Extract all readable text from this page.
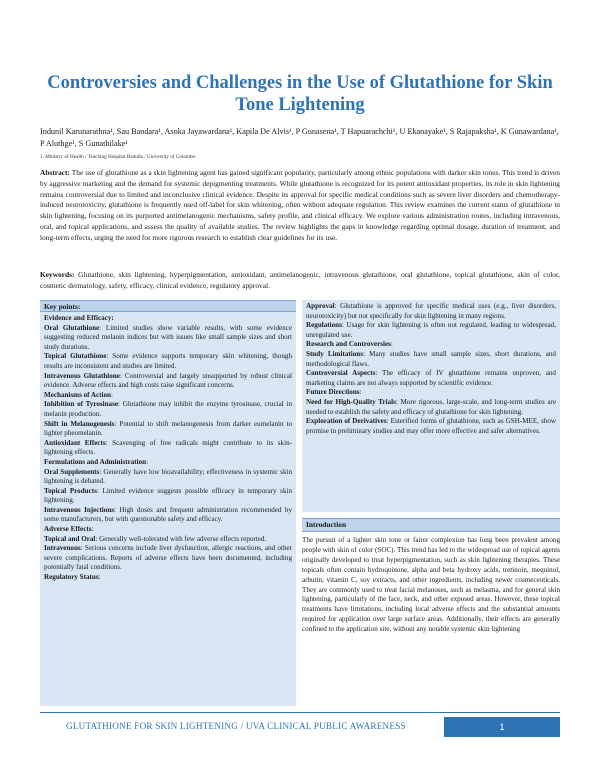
Controversies and Challenges in the Use of Glutathione for Skin Tone Lightening
Indunil Karunarathna¹, Sau Bandara¹, Asoka Jayawardana¹, Kapila De Alvis¹, P Gunasena¹, T Hapuarachchi¹, U Ekanayake¹, S Rajapaksha¹, K Gunawardana¹, P Aluthge¹, S Gunathilake¹
1. Ministry of Health / Teaching Hospital Badulla / University of Colombo.
Abstract: The use of glutathione as a skin lightening agent has gained significant popularity, particularly among ethnic populations with darker skin tones. This trend is driven by aggressive marketing and the demand for systemic depigmenting treatments. While glutathione is recognized for its potent antioxidant properties, its role in skin lightening remains controversial due to limited and inconclusive clinical evidence. Despite its approval for specific medical conditions such as severe liver disorders and chemotherapy-induced neurotoxicity, glutathione is frequently used off-label for skin whitening, often without adequate regulation. This review examines the current status of glutathione in skin lightening, focusing on its purported antimelanogenic mechanisms, safety profile, and clinical efficacy. We explore various administration routes, including intravenous, oral, and topical applications, and assess the quality of available studies. The review highlights the gaps in knowledge regarding optimal dosage, duration of treatment, and long-term effects, urging the need for more rigorous research to establish clear guidelines for its use.
Keywords: Glutathione, skin lightening, hyperpigmentation, antioxidant, antimelanogenic, intravenous glutathione, oral glutathione, topical glutathione, skin of color, cosmetic dermatology, safety, efficacy, clinical evidence, regulatory approval.
Key points:

Evidence and Efficacy:

Oral Glutathione: Limited studies show variable results, with some evidence suggesting reduced melanin indices but with issues like small sample sizes and short study durations.

Topical Glutathione: Some evidence supports temporary skin whitening, though results are inconsistent and studies are limited.

Intravenous Glutathione: Controversial and largely unsupported by robust clinical evidence. Adverse effects and high costs raise significant concerns.

Mechanisms of Action:

Inhibition of Tyrosinase: Glutathione may inhibit the enzyme tyrosinase, crucial in melanin production.

Shift in Melanogenesis: Potential to shift melanogenesis from darker eumelanin to lighter pheomelanin.

Antioxidant Effects: Scavenging of free radicals might contribute to its skin-lightening effects.

Formulations and Administration:

Oral Supplements: Generally have low bioavailability; effectiveness in systemic skin lightening is debated.

Topical Products: Limited evidence suggests possible efficacy in temporary skin lightening.

Intravenous Injections: High doses and frequent administration recommended by some manufacturers, but with questionable safety and efficacy.

Adverse Effects:

Topical and Oral: Generally well-tolerated with few adverse effects reported.

Intravenous: Serious concerns include liver dysfunction, allergic reactions, and other severe complications. Reports of adverse effects have been documented, including potentially fatal conditions.

Regulatory Status:

Approval: Glutathione is approved for specific medical uses (e.g., liver disorders, neurotoxicity) but not specifically for skin lightening in many regions.

Regulations: Usage for skin lightening is often not regulated, leading to widespread, unregulated use.

Research and Controversies:

Study Limitations: Many studies have small sample sizes, short durations, and methodological flaws.

Controversial Aspects: The efficacy of IV glutathione remains unproven, and marketing claims are not always supported by scientific evidence.

Future Directions:

Need for High-Quality Trials: More rigorous, large-scale, and long-term studies are needed to establish the safety and efficacy of glutathione for skin lightening.

Exploration of Derivatives: Esterified forms of glutathione, such as GSH-MEE, show promise in preliminary studies and may offer more effective and safer alternatives.

Introduction
The pursuit of a lighter skin tone or fairer complexion has long been prevalent among people with skin of color (SOC). This trend has led to the widespread use of topical agents originally developed to treat hyperpigmentation, such as skin lightening therapies. These topicals often contain hydroquinone, alpha and beta hydroxy acids, tretinoin, mequinol, arbutin, vitamin C, soy extracts, and other ingredients, including newer cosmeceuticals. They are commonly used to treat facial melanoses, such as melasma, and for general skin lightening, particularly of the face, neck, and other exposed areas. However, these topical treatments have limitations, including local adverse effects and the substantial amounts required for application over large surface areas. Additionally, their effects are generally confined to the application site, without any notable systemic skin lightening
GLUTATHIONE FOR SKIN LIGHTENING / UVA CLINICAL PUBLIC AWARENESS	1
